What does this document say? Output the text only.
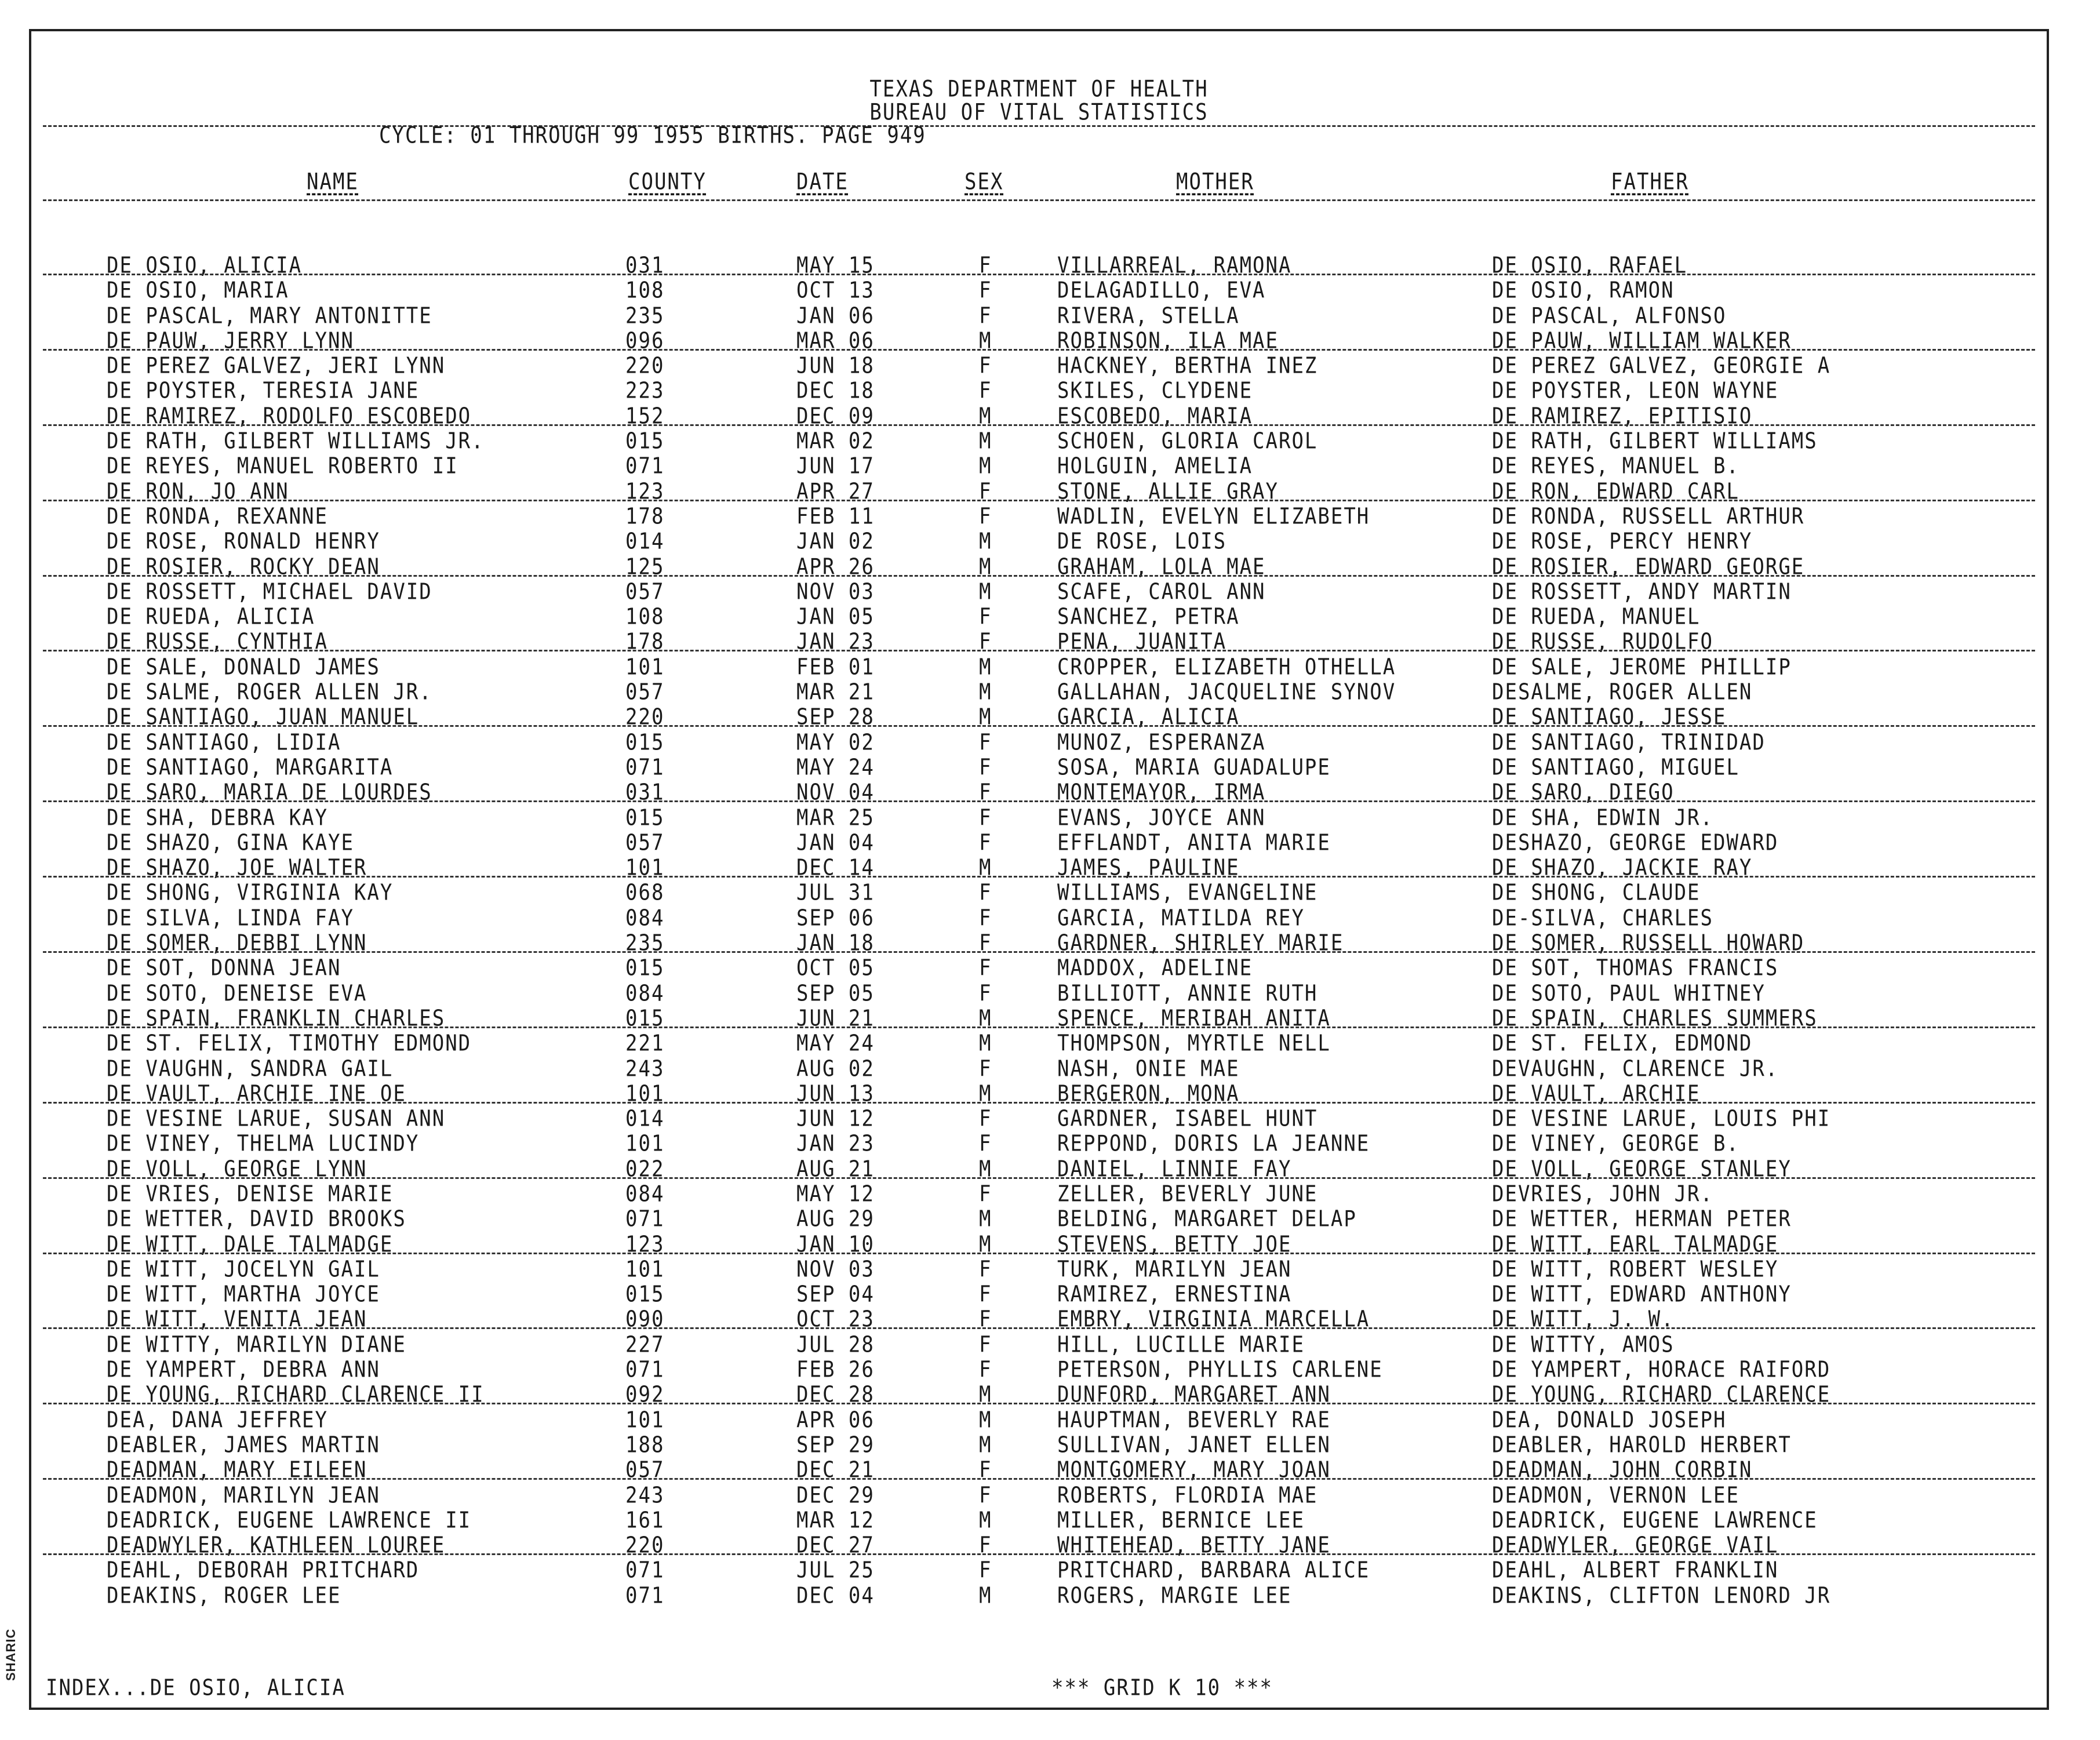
SHARIC
TEXAS DEPARTMENT OF HEALTH
BUREAU OF VITAL STATISTICS
CYCLE: 01 THROUGH 99 1955 BIRTHS. PAGE 949
NAME	COUNTY	DATE	SEX	MOTHER	FATHER
DE OSIO, ALICIA	031	MAY 15	F	VILLARREAL, RAMONA	DE OSIO, RAFAEL
DE OSIO, MARIA	108	OCT 13	F	DELAGADILLO, EVA	DE OSIO, RAMON
DE PASCAL, MARY ANTONITTE	235	JAN 06	F	RIVERA, STELLA	DE PASCAL, ALFONSO
DE PAUW, JERRY LYNN	096	MAR 06	M	ROBINSON, ILA MAE	DE PAUW, WILLIAM WALKER
DE PEREZ GALVEZ, JERI LYNN	220	JUN 18	F	HACKNEY, BERTHA INEZ	DE PEREZ GALVEZ, GEORGIE A
DE POYSTER, TERESIA JANE	223	DEC 18	F	SKILES, CLYDENE	DE POYSTER, LEON WAYNE
DE RAMIREZ, RODOLFO ESCOBEDO	152	DEC 09	M	ESCOBEDO, MARIA	DE RAMIREZ, EPITISIO
DE RATH, GILBERT WILLIAMS JR.	015	MAR 02	M	SCHOEN, GLORIA CAROL	DE RATH, GILBERT WILLIAMS
DE REYES, MANUEL ROBERTO II	071	JUN 17	M	HOLGUIN, AMELIA	DE REYES, MANUEL B.
DE RON, JO ANN	123	APR 27	F	STONE, ALLIE GRAY	DE RON, EDWARD CARL
DE RONDA, REXANNE	178	FEB 11	F	WADLIN, EVELYN ELIZABETH	DE RONDA, RUSSELL ARTHUR
DE ROSE, RONALD HENRY	014	JAN 02	M	DE ROSE, LOIS	DE ROSE, PERCY HENRY
DE ROSIER, ROCKY DEAN	125	APR 26	M	GRAHAM, LOLA MAE	DE ROSIER, EDWARD GEORGE
DE ROSSETT, MICHAEL DAVID	057	NOV 03	M	SCAFE, CAROL ANN	DE ROSSETT, ANDY MARTIN
DE RUEDA, ALICIA	108	JAN 05	F	SANCHEZ, PETRA	DE RUEDA, MANUEL
DE RUSSE, CYNTHIA	178	JAN 23	F	PENA, JUANITA	DE RUSSE, RUDOLFO
DE SALE, DONALD JAMES	101	FEB 01	M	CROPPER, ELIZABETH OTHELLA	DE SALE, JEROME PHILLIP
DE SALME, ROGER ALLEN JR.	057	MAR 21	M	GALLAHAN, JACQUELINE SYNOV	DESALME, ROGER ALLEN
DE SANTIAGO, JUAN MANUEL	220	SEP 28	M	GARCIA, ALICIA	DE SANTIAGO, JESSE
DE SANTIAGO, LIDIA	015	MAY 02	F	MUNOZ, ESPERANZA	DE SANTIAGO, TRINIDAD
DE SANTIAGO, MARGARITA	071	MAY 24	F	SOSA, MARIA GUADALUPE	DE SANTIAGO, MIGUEL
DE SARO, MARIA DE LOURDES	031	NOV 04	F	MONTEMAYOR, IRMA	DE SARO, DIEGO
DE SHA, DEBRA KAY	015	MAR 25	F	EVANS, JOYCE ANN	DE SHA, EDWIN JR.
DE SHAZO, GINA KAYE	057	JAN 04	F	EFFLANDT, ANITA MARIE	DESHAZO, GEORGE EDWARD
DE SHAZO, JOE WALTER	101	DEC 14	M	JAMES, PAULINE	DE SHAZO, JACKIE RAY
DE SHONG, VIRGINIA KAY	068	JUL 31	F	WILLIAMS, EVANGELINE	DE SHONG, CLAUDE
DE SILVA, LINDA FAY	084	SEP 06	F	GARCIA, MATILDA REY	DE-SILVA, CHARLES
DE SOMER, DEBBI LYNN	235	JAN 18	F	GARDNER, SHIRLEY MARIE	DE SOMER, RUSSELL HOWARD
DE SOT, DONNA JEAN	015	OCT 05	F	MADDOX, ADELINE	DE SOT, THOMAS FRANCIS
DE SOTO, DENEISE EVA	084	SEP 05	F	BILLIOTT, ANNIE RUTH	DE SOTO, PAUL WHITNEY
DE SPAIN, FRANKLIN CHARLES	015	JUN 21	M	SPENCE, MERIBAH ANITA	DE SPAIN, CHARLES SUMMERS
DE ST. FELIX, TIMOTHY EDMOND	221	MAY 24	M	THOMPSON, MYRTLE NELL	DE ST. FELIX, EDMOND
DE VAUGHN, SANDRA GAIL	243	AUG 02	F	NASH, ONIE MAE	DEVAUGHN, CLARENCE JR.
DE VAULT, ARCHIE INE OE	101	JUN 13	M	BERGERON, MONA	DE VAULT, ARCHIE
DE VESINE LARUE, SUSAN ANN	014	JUN 12	F	GARDNER, ISABEL HUNT	DE VESINE LARUE, LOUIS PHI
DE VINEY, THELMA LUCINDY	101	JAN 23	F	REPPOND, DORIS LA JEANNE	DE VINEY, GEORGE B.
DE VOLL, GEORGE LYNN	022	AUG 21	M	DANIEL, LINNIE FAY	DE VOLL, GEORGE STANLEY
DE VRIES, DENISE MARIE	084	MAY 12	F	ZELLER, BEVERLY JUNE	DEVRIES, JOHN JR.
DE WETTER, DAVID BROOKS	071	AUG 29	M	BELDING, MARGARET DELAP	DE WETTER, HERMAN PETER
DE WITT, DALE TALMADGE	123	JAN 10	M	STEVENS, BETTY JOE	DE WITT, EARL TALMADGE
DE WITT, JOCELYN GAIL	101	NOV 03	F	TURK, MARILYN JEAN	DE WITT, ROBERT WESLEY
DE WITT, MARTHA JOYCE	015	SEP 04	F	RAMIREZ, ERNESTINA	DE WITT, EDWARD ANTHONY
DE WITT, VENITA JEAN	090	OCT 23	F	EMBRY, VIRGINIA MARCELLA	DE WITT, J. W.
DE WITTY, MARILYN DIANE	227	JUL 28	F	HILL, LUCILLE MARIE	DE WITTY, AMOS
DE YAMPERT, DEBRA ANN	071	FEB 26	F	PETERSON, PHYLLIS CARLENE	DE YAMPERT, HORACE RAIFORD
DE YOUNG, RICHARD CLARENCE II	092	DEC 28	M	DUNFORD, MARGARET ANN	DE YOUNG, RICHARD CLARENCE
DEA, DANA JEFFREY	101	APR 06	M	HAUPTMAN, BEVERLY RAE	DEA, DONALD JOSEPH
DEABLER, JAMES MARTIN	188	SEP 29	M	SULLIVAN, JANET ELLEN	DEABLER, HAROLD HERBERT
DEADMAN, MARY EILEEN	057	DEC 21	F	MONTGOMERY, MARY JOAN	DEADMAN, JOHN CORBIN
DEADMON, MARILYN JEAN	243	DEC 29	F	ROBERTS, FLORDIA MAE	DEADMON, VERNON LEE
DEADRICK, EUGENE LAWRENCE II	161	MAR 12	M	MILLER, BERNICE LEE	DEADRICK, EUGENE LAWRENCE
DEADWYLER, KATHLEEN LOUREE	220	DEC 27	F	WHITEHEAD, BETTY JANE	DEADWYLER, GEORGE VAIL
DEAHL, DEBORAH PRITCHARD	071	JUL 25	F	PRITCHARD, BARBARA ALICE	DEAHL, ALBERT FRANKLIN
DEAKINS, ROGER LEE	071	DEC 04	M	ROGERS, MARGIE LEE	DEAKINS, CLIFTON LENORD JR
INDEX...DE OSIO, ALICIA	*** GRID K 10 ***
